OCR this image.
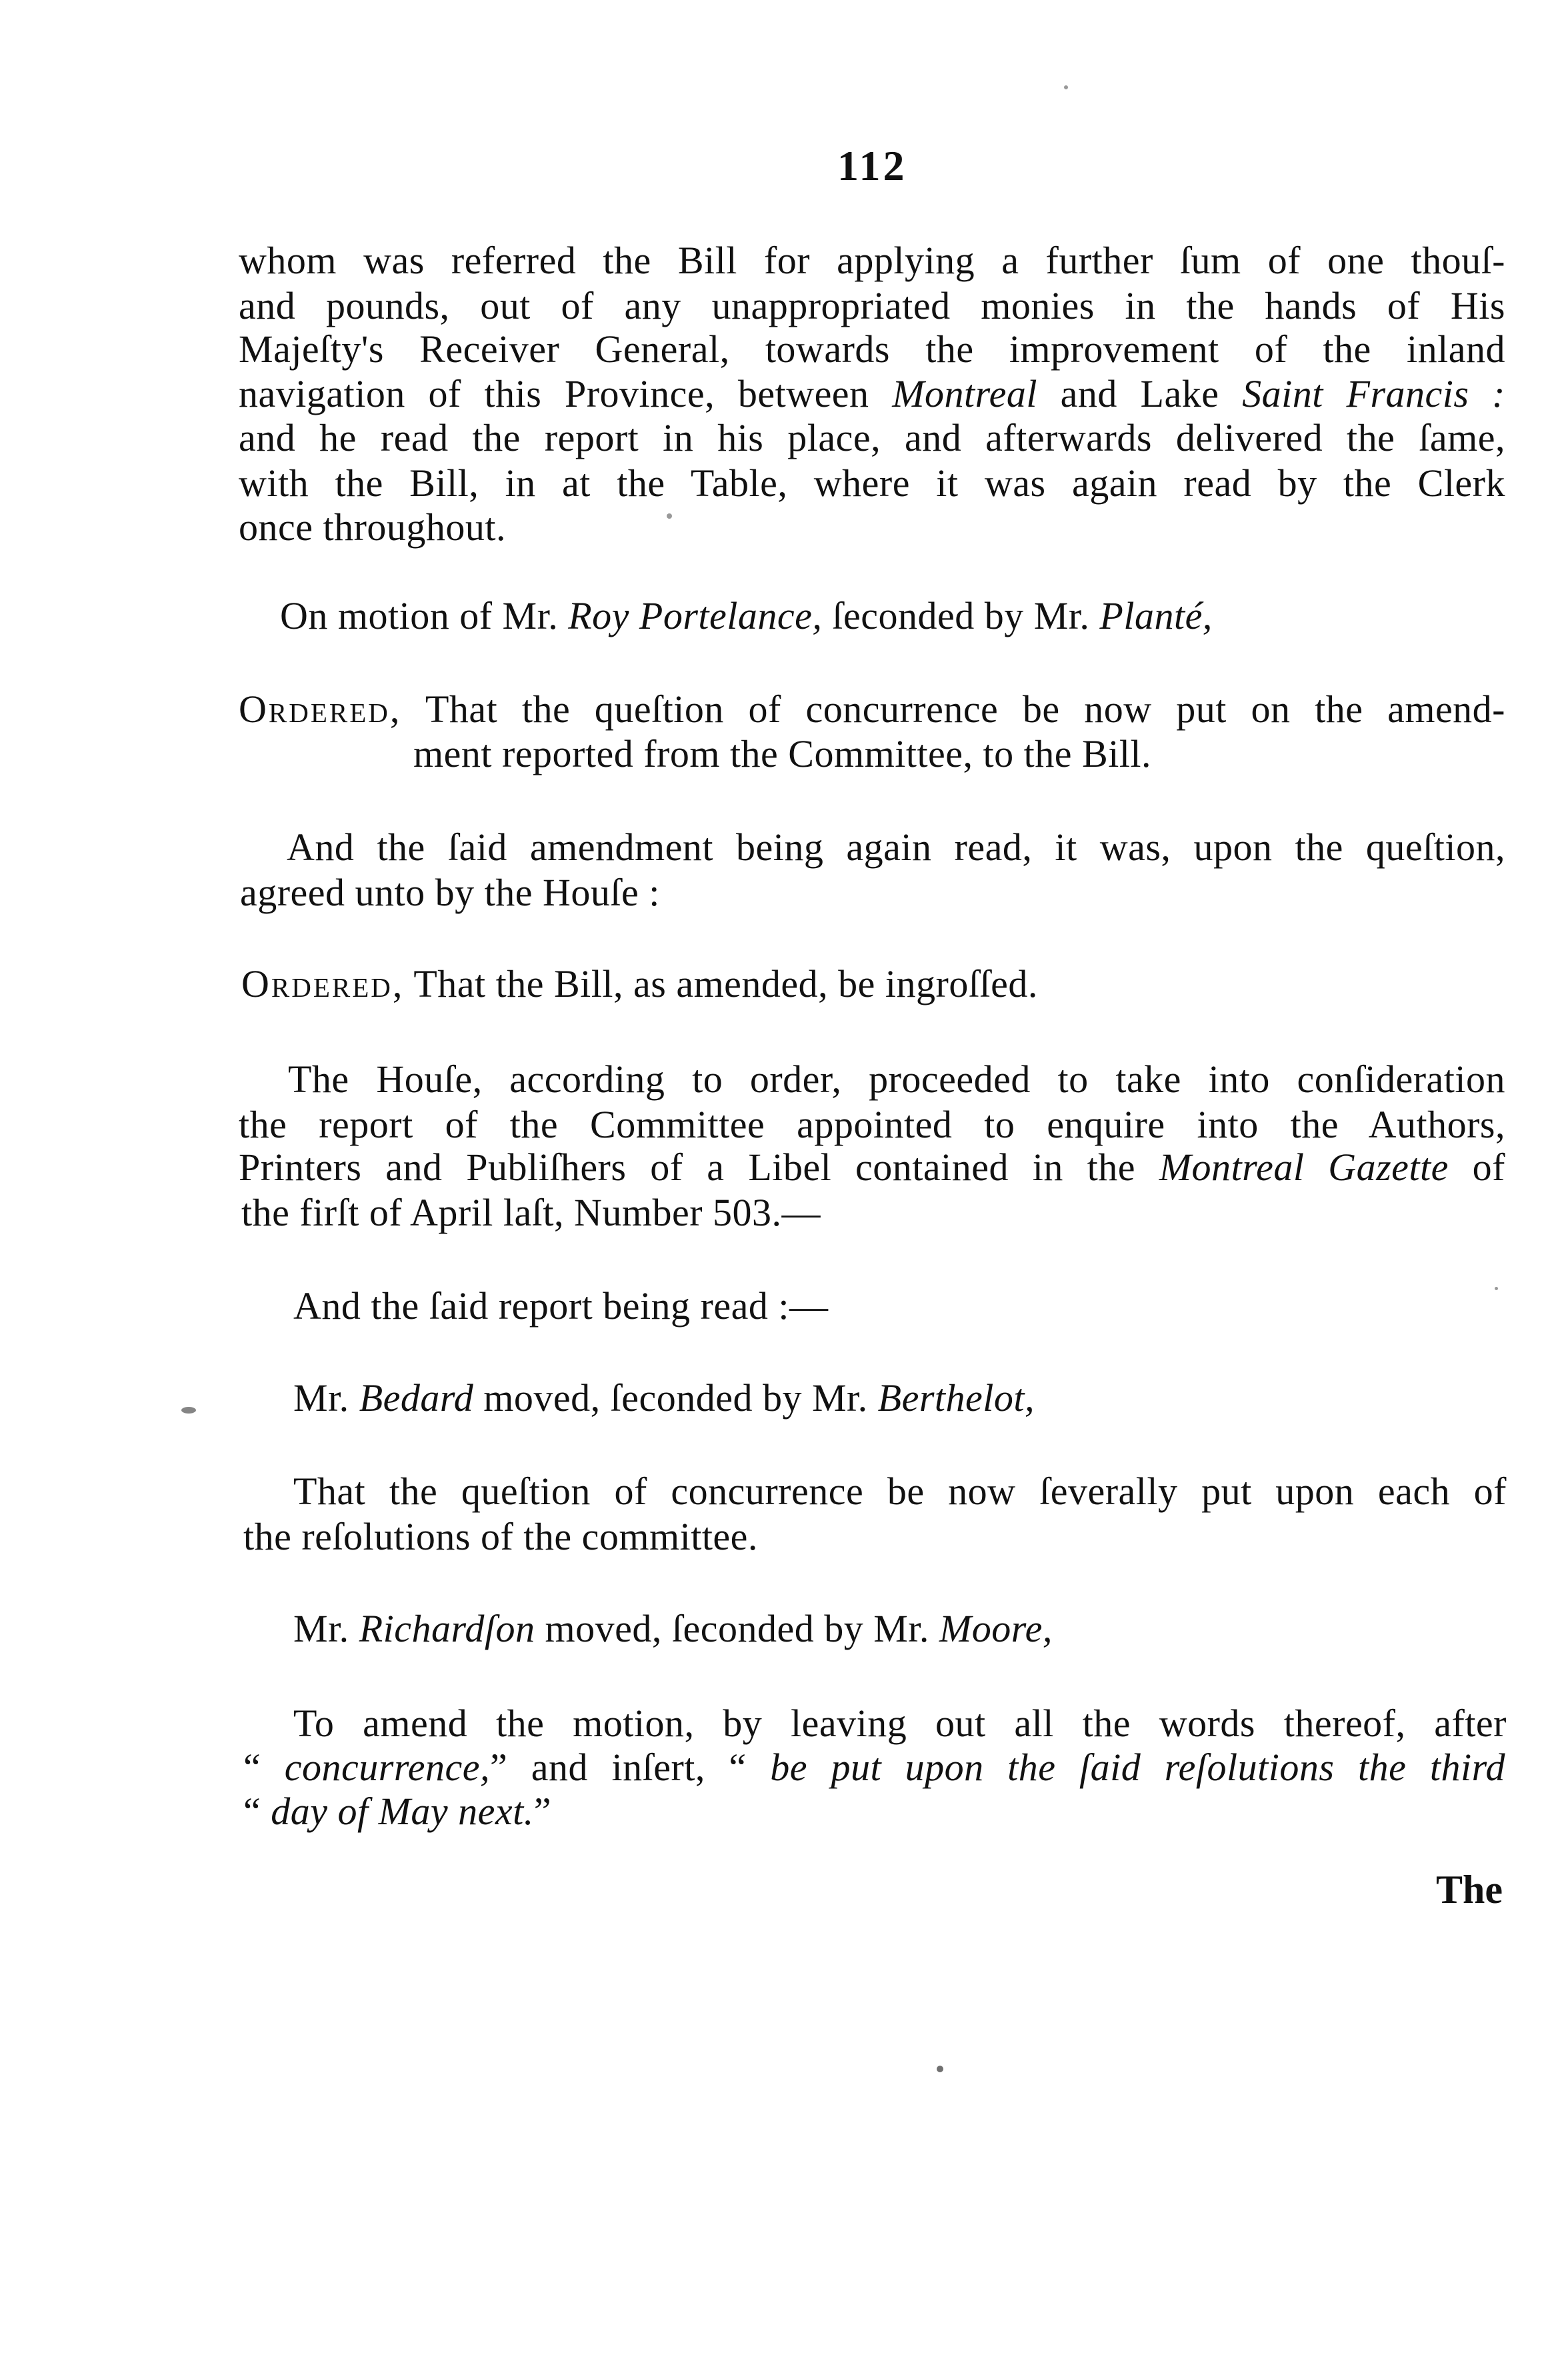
112
whom was referred the Bill for applying a further ſum of one thouſ-
and pounds, out of any unappropriated monies in the hands of His
Majeſty's Receiver General, towards the improvement of the inland
navigation of this Province, between Montreal and Lake Saint Francis :
and he read the report in his place, and afterwards delivered the ſame,
with the Bill, in at the Table, where it was again read by the Clerk
once throughout.
On motion of Mr. Roy Portelance, ſeconded by Mr. Planté,
Ordered, That the queſtion of concurrence be now put on the amend-
ment reported from the Committee, to the Bill.
And the ſaid amendment being again read, it was, upon the queſtion,
agreed unto by the Houſe :
Ordered, That the Bill, as amended, be ingroſſed.
The Houſe, according to order, proceeded to take into conſideration
the report of the Committee appointed to enquire into the Authors,
Printers and Publiſhers of a Libel contained in the Montreal Gazette of
the firſt of April laſt, Number 503.—
And the ſaid report being read :—
Mr. Bedard moved, ſeconded by Mr. Berthelot,
That the queſtion of concurrence be now ſeverally put upon each of
the reſolutions of the committee.
Mr. Richardſon moved, ſeconded by Mr. Moore,
To amend the motion, by leaving out all the words thereof, after
“ concurrence,” and inſert, “ be put upon the ſaid reſolutions the third
“ day of May next.”
The
